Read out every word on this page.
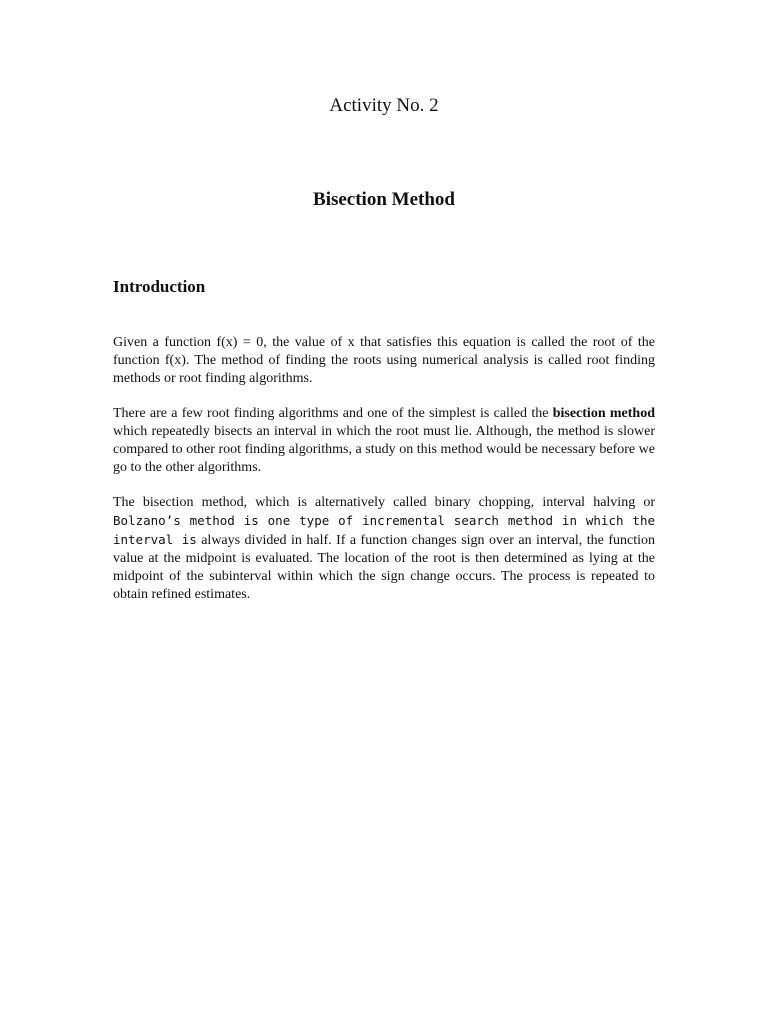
Activity No. 2
Bisection Method
Introduction

Given a function f(x) = 0, the value of x that satisfies this equation is called the root of the function f(x). The method of finding the roots using numerical analysis is called root finding methods or root finding algorithms.

There are a few root finding algorithms and one of the simplest is called the bisection method which repeatedly bisects an interval in which the root must lie. Although, the method is slower compared to other root finding algorithms, a study on this method would be necessary before we go to the other algorithms.

The bisection method, which is alternatively called binary chopping, interval halving or Bolzano’s method is one type of incremental search method in which the interval is always divided in half. If a function changes sign over an interval, the function value at the midpoint is evaluated. The location of the root is then determined as lying at the midpoint of the subinterval within which the sign change occurs. The process is repeated to obtain refined estimates.
